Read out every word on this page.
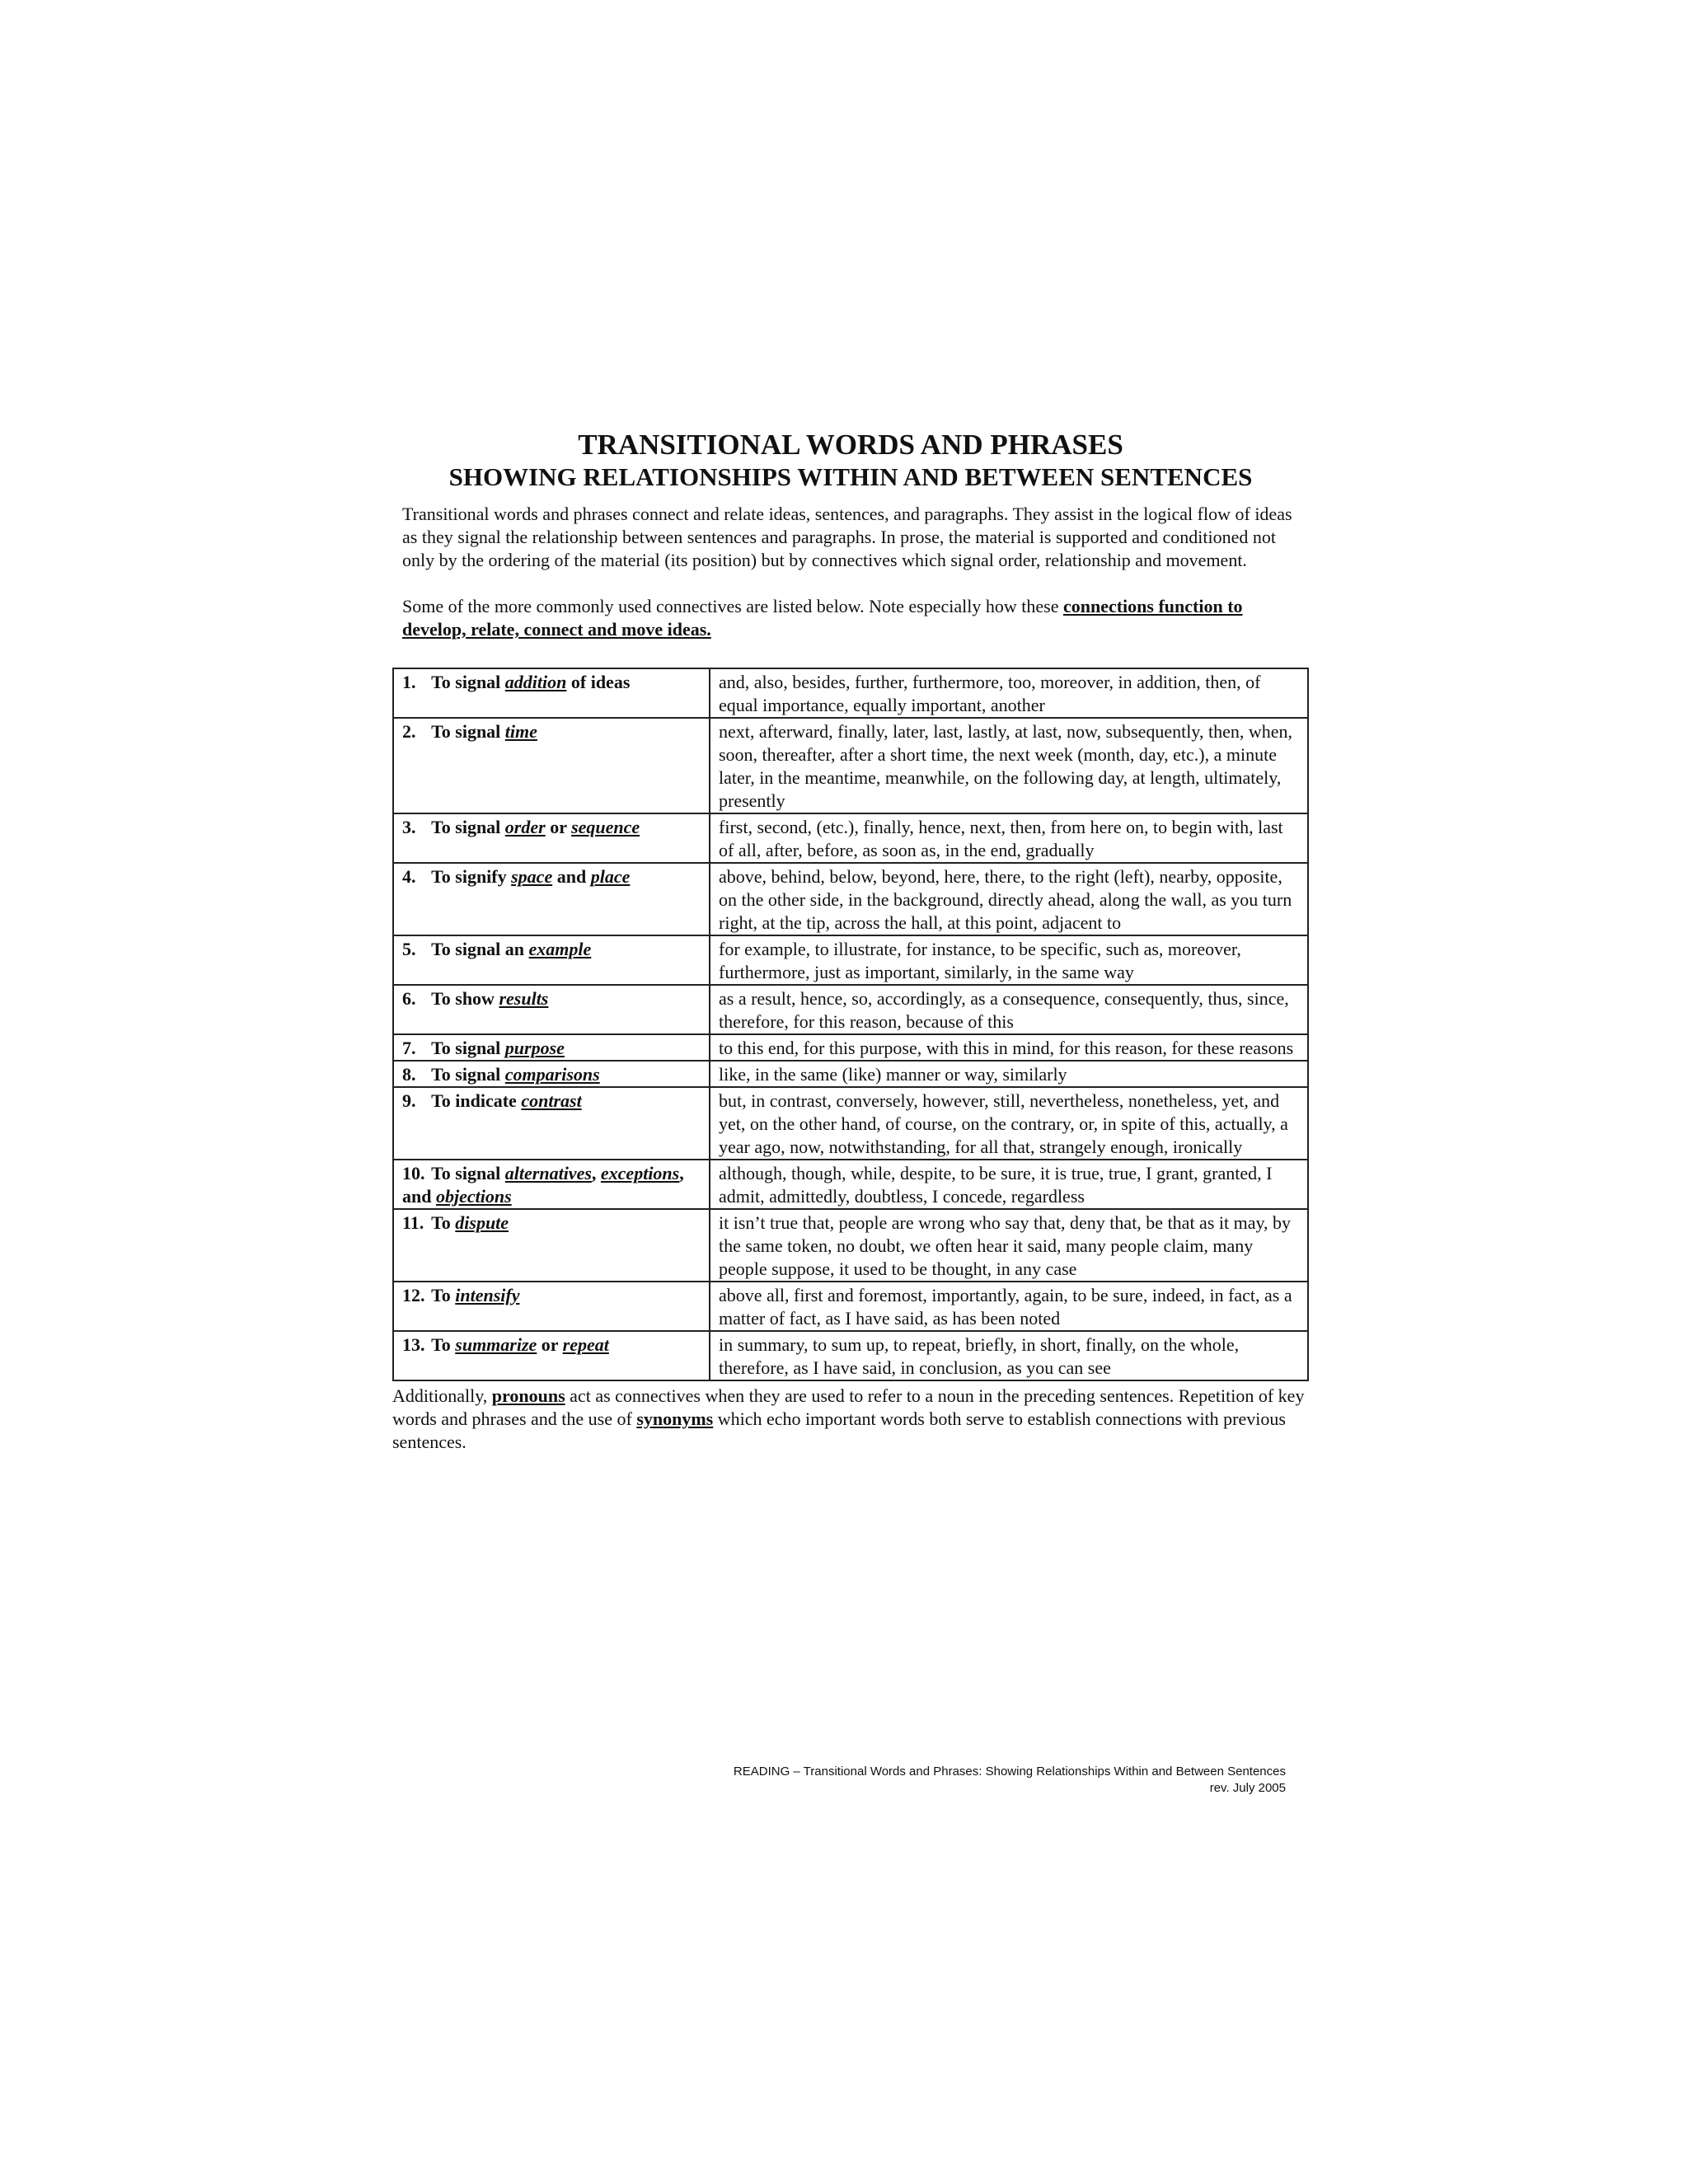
TRANSITIONAL WORDS AND PHRASES
SHOWING RELATIONSHIPS WITHIN AND BETWEEN SENTENCES

Transitional words and phrases connect and relate ideas, sentences, and paragraphs. They assist in the logical flow of ideas as they signal the relationship between sentences and paragraphs. In prose, the material is supported and conditioned not only by the ordering of the material (its position) but by connectives which signal order, relationship and movement.

Some of the more commonly used connectives are listed below. Note especially how these connections function to develop, relate, connect and move ideas.

1. To signal addition of ideas	and, also, besides, further, furthermore, too, moreover, in addition, then, of equal importance, equally important, another
2. To signal time	next, afterward, finally, later, last, lastly, at last, now, subsequently, then, when, soon, thereafter, after a short time, the next week (month, day, etc.), a minute later, in the meantime, meanwhile, on the following day, at length, ultimately, presently
3. To signal order or sequence	first, second, (etc.), finally, hence, next, then, from here on, to begin with, last of all, after, before, as soon as, in the end, gradually
4. To signify space and place	above, behind, below, beyond, here, there, to the right (left), nearby, opposite, on the other side, in the background, directly ahead, along the wall, as you turn right, at the tip, across the hall, at this point, adjacent to
5. To signal an example	for example, to illustrate, for instance, to be specific, such as, moreover, furthermore, just as important, similarly, in the same way
6. To show results	as a result, hence, so, accordingly, as a consequence, consequently, thus, since, therefore, for this reason, because of this
7. To signal purpose	to this end, for this purpose, with this in mind, for this reason, for these reasons
8. To signal comparisons	like, in the same (like) manner or way, similarly
9. To indicate contrast	but, in contrast, conversely, however, still, nevertheless, nonetheless, yet, and yet, on the other hand, of course, on the contrary, or, in spite of this, actually, a year ago, now, notwithstanding, for all that, strangely enough, ironically
10. To signal alternatives, exceptions, and objections	although, though, while, despite, to be sure, it is true, true, I grant, granted, I admit, admittedly, doubtless, I concede, regardless
11. To dispute	it isn’t true that, people are wrong who say that, deny that, be that as it may, by the same token, no doubt, we often hear it said, many people claim, many people suppose, it used to be thought, in any case
12. To intensify	above all, first and foremost, importantly, again, to be sure, indeed, in fact, as a matter of fact, as I have said, as has been noted
13. To summarize or repeat	in summary, to sum up, to repeat, briefly, in short, finally, on the whole, therefore, as I have said, in conclusion, as you can see

Additionally, pronouns act as connectives when they are used to refer to a noun in the preceding sentences. Repetition of key words and phrases and the use of synonyms which echo important words both serve to establish connections with previous sentences.

READING – Transitional Words and Phrases: Showing Relationships Within and Between Sentences
rev. July 2005
